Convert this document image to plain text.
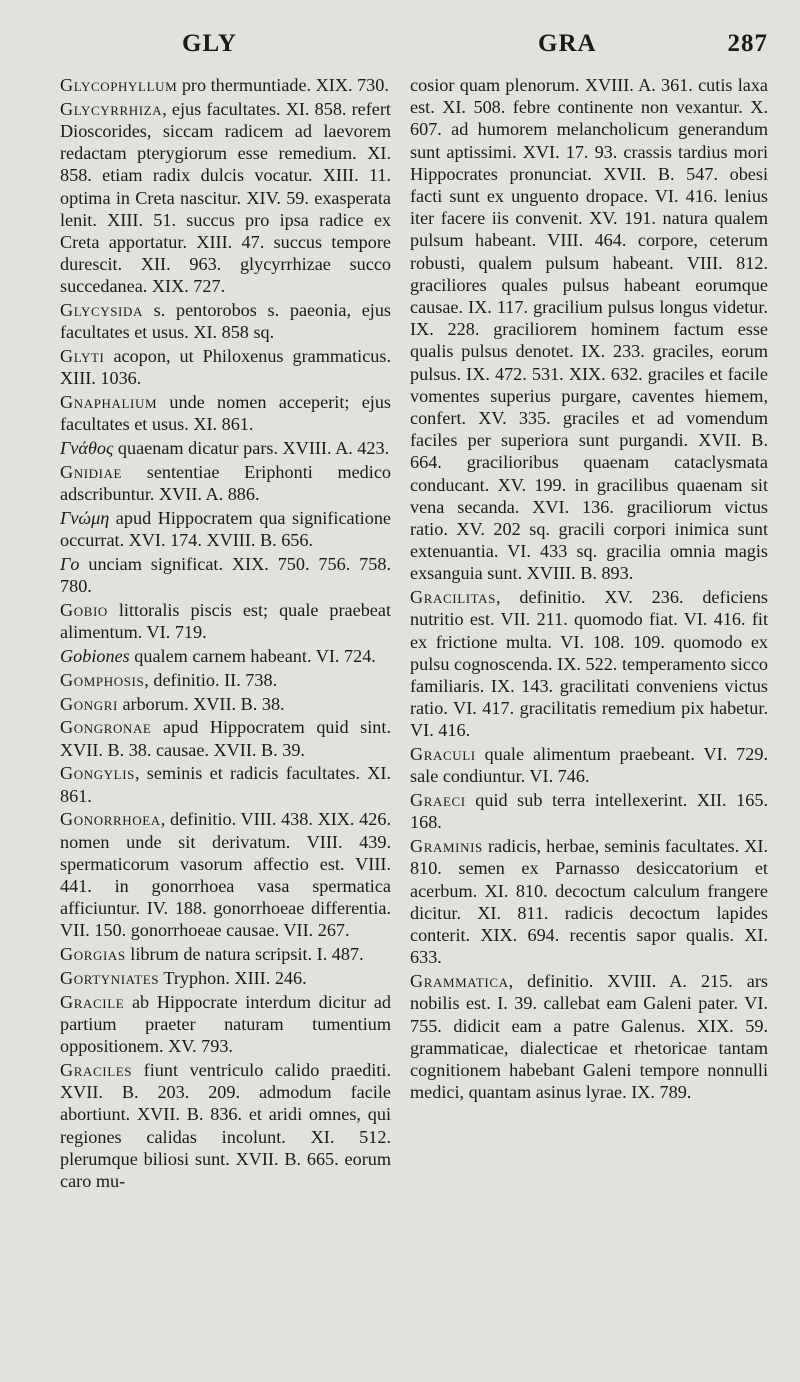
GLY	GRA	287

Glycophyllum pro thermuntiade. XIX. 730.

Glycyrrhiza, ejus facultates. XI. 858. refert Dioscorides, siccam radicem ad laevorem redactam pterygiorum esse remedium. XI. 858. etiam radix dulcis vocatur. XIII. 11. optima in Creta nascitur. XIV. 59. exasperata lenit. XIII. 51. succus pro ipsa radice ex Creta apportatur. XIII. 47. succus tempore durescit. XII. 963. glycyrrhizae succo succedanea. XIX. 727.

Glycysida s. pentorobos s. paeonia, ejus facultates et usus. XI. 858 sq.

Glyti acopon, ut Philoxenus grammaticus. XIII. 1036.

Gnaphalium unde nomen acceperit; ejus facultates et usus. XI. 861.

Γνάθος quaenam dicatur pars. XVIII. A. 423.

Gnidiae sententiae Eriphonti medico adscribuntur. XVII. A. 886.

Γνώμη apud Hippocratem qua significatione occurrat. XVI. 174. XVIII. B. 656.

Γο unciam significat. XIX. 750. 756. 758. 780.

Gobio littoralis piscis est; quale praebeat alimentum. VI. 719.

Gobiones qualem carnem habeant. VI. 724.

Gomphosis, definitio. II. 738.

Gongri arborum. XVII. B. 38.

Gongronae apud Hippocratem quid sint. XVII. B. 38. causae. XVII. B. 39.

Gongylis, seminis et radicis facultates. XI. 861.

Gonorrhoea, definitio. VIII. 438. XIX. 426. nomen unde sit derivatum. VIII. 439. spermaticorum vasorum affectio est. VIII. 441. in gonorrhoea vasa spermatica afficiuntur. IV. 188. gonorrhoeae differentia. VII. 150. gonorrhoeae causae. VII. 267.

Gorgias librum de natura scripsit. I. 487.

Gortyniates Tryphon. XIII. 246.

Gracile ab Hippocrate interdum dicitur ad partium praeter naturam tumentium oppositionem. XV. 793.

Graciles fiunt ventriculo calido praediti. XVII. B. 203. 209. admodum facile abortiunt. XVII. B. 836. et aridi omnes, qui regiones calidas incolunt. XI. 512. plerumque biliosi sunt. XVII. B. 665. eorum caro mu-

cosior quam plenorum. XVIII. A. 361. cutis laxa est. XI. 508. febre continente non vexantur. X. 607. ad humorem melancholicum generandum sunt aptissimi. XVI. 17. 93. crassis tardius mori Hippocrates pronunciat. XVII. B. 547. obesi facti sunt ex unguento dropace. VI. 416. lenius iter facere iis convenit. XV. 191. natura qualem pulsum habeant. VIII. 464. corpore, ceterum robusti, qualem pulsum habeant. VIII. 812. graciliores quales pulsus habeant eorumque causae. IX. 117. gracilium pulsus longus videtur. IX. 228. graciliorem hominem factum esse qualis pulsus denotet. IX. 233. graciles, eorum pulsus. IX. 472. 531. XIX. 632. graciles et facile vomentes superius purgare, caventes hiemem, confert. XV. 335. graciles et ad vomendum faciles per superiora sunt purgandi. XVII. B. 664. gracilioribus quaenam cataclysmata conducant. XV. 199. in gracilibus quaenam sit vena secanda. XVI. 136. graciliorum victus ratio. XV. 202 sq. gracili corpori inimica sunt extenuantia. VI. 433 sq. gracilia omnia magis exsanguia sunt. XVIII. B. 893.

Gracilitas, definitio. XV. 236. deficiens nutritio est. VII. 211. quomodo fiat. VI. 416. fit ex frictione multa. VI. 108. 109. quomodo ex pulsu cognoscenda. IX. 522. temperamento sicco familiaris. IX. 143. gracilitati conveniens victus ratio. VI. 417. gracilitatis remedium pix habetur. VI. 416.

Graculi quale alimentum praebeant. VI. 729. sale condiuntur. VI. 746.

Graeci quid sub terra intellexerint. XII. 165. 168.

Graminis radicis, herbae, seminis facultates. XI. 810. semen ex Parnasso desiccatorium et acerbum. XI. 810. decoctum calculum frangere dicitur. XI. 811. radicis decoctum lapides conterit. XIX. 694. recentis sapor qualis. XI. 633.

Grammatica, definitio. XVIII. A. 215. ars nobilis est. I. 39. callebat eam Galeni pater. VI. 755. didicit eam a patre Galenus. XIX. 59. grammaticae, dialecticae et rhetoricae tantam cognitionem habebant Galeni tempore nonnulli medici, quantam asinus lyrae. IX. 789.
